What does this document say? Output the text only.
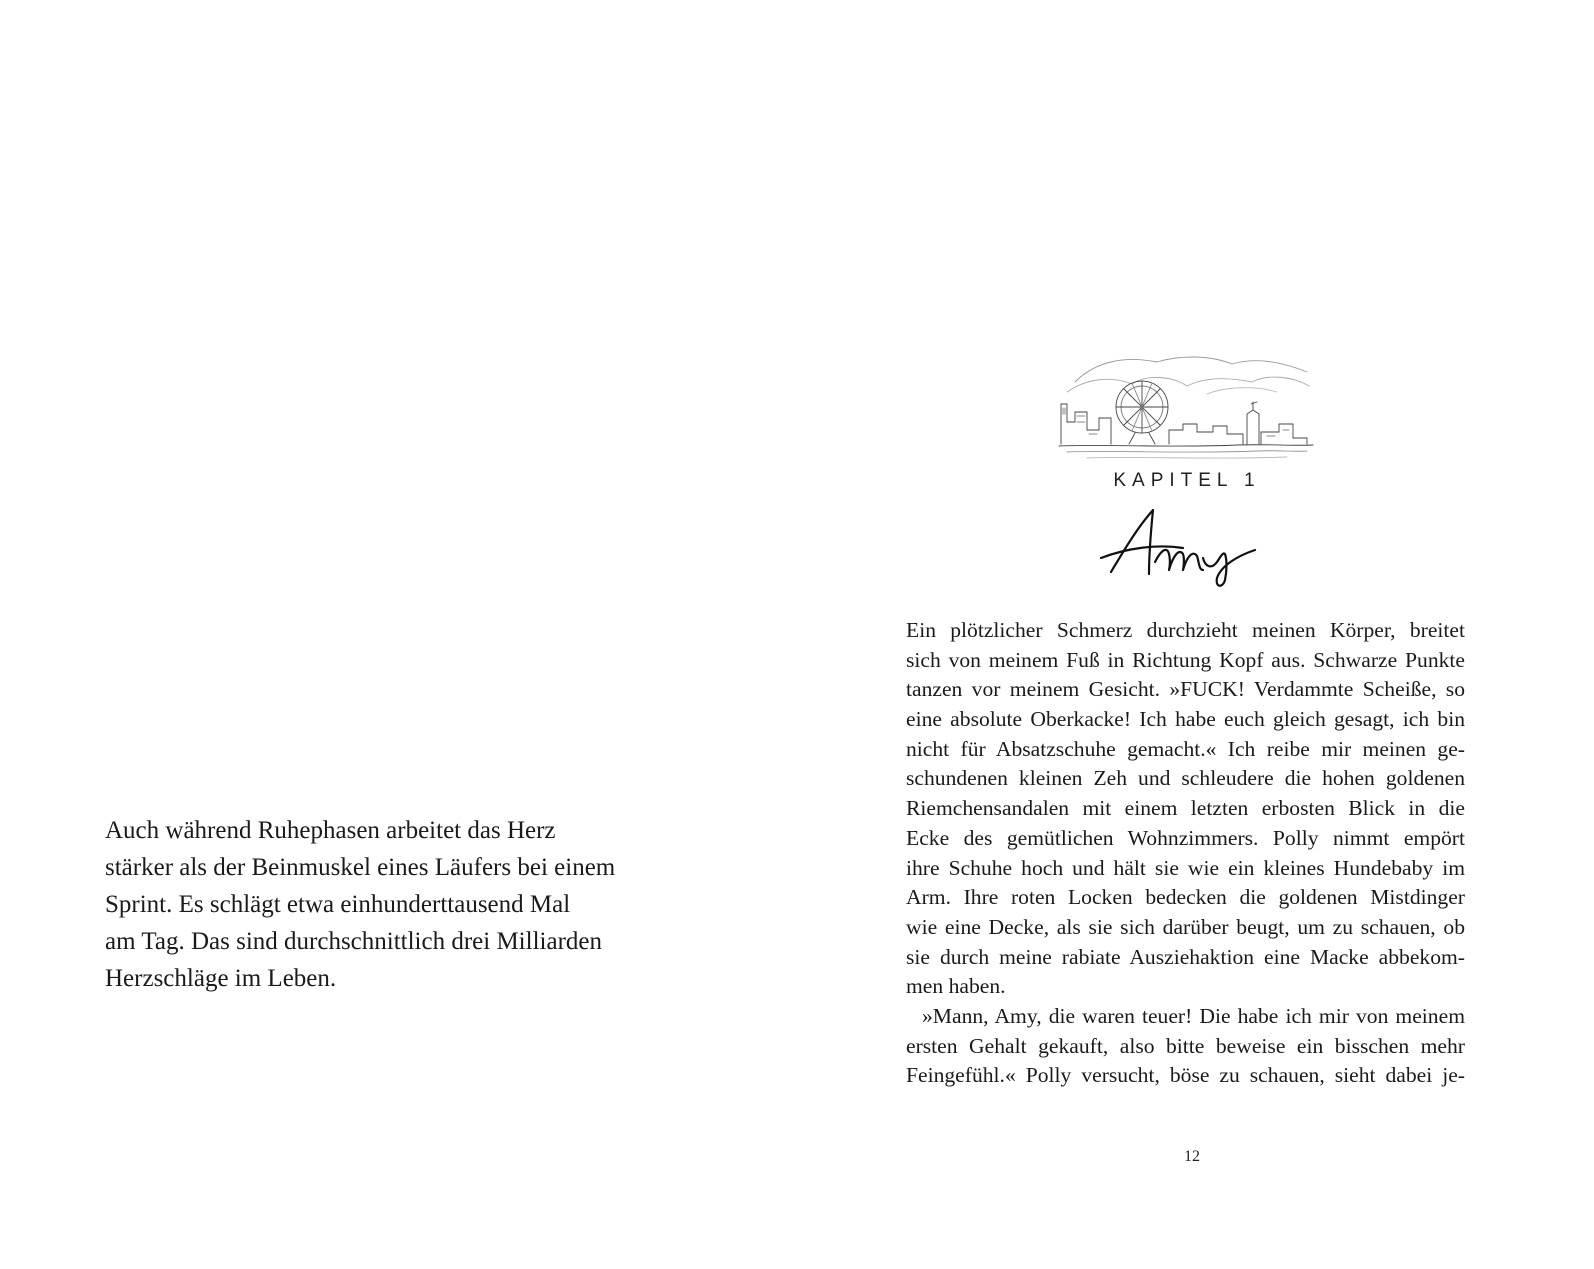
Auch während Ruhephasen arbeitet das Herz
stärker als der Beinmuskel eines Läufers bei einem
Sprint. Es schlägt etwa einhunderttausend Mal
am Tag. Das sind durchschnittlich drei Milliarden
Herzschläge im Leben.

KAPITEL 1
Ein plötzlicher Schmerz durchzieht meinen Körper, breitet
sich von meinem Fuß in Richtung Kopf aus. Schwarze Punkte
tanzen vor meinem Gesicht. »FUCK! Verdammte Scheiße, so
eine absolute Oberkacke! Ich habe euch gleich gesagt, ich bin
nicht für Absatzschuhe gemacht.« Ich reibe mir meinen ge-
schundenen kleinen Zeh und schleudere die hohen goldenen
Riemchensandalen mit einem letzten erbosten Blick in die
Ecke des gemütlichen Wohnzimmers. Polly nimmt empört
ihre Schuhe hoch und hält sie wie ein kleines Hundebaby im
Arm. Ihre roten Locken bedecken die goldenen Mistdinger
wie eine Decke, als sie sich darüber beugt, um zu schauen, ob
sie durch meine rabiate Ausziehaktion eine Macke abbekom-
men haben.
»Mann, Amy, die waren teuer! Die habe ich mir von meinem
ersten Gehalt gekauft, also bitte beweise ein bisschen mehr
Feingefühl.« Polly versucht, böse zu schauen, sieht dabei je-
12
